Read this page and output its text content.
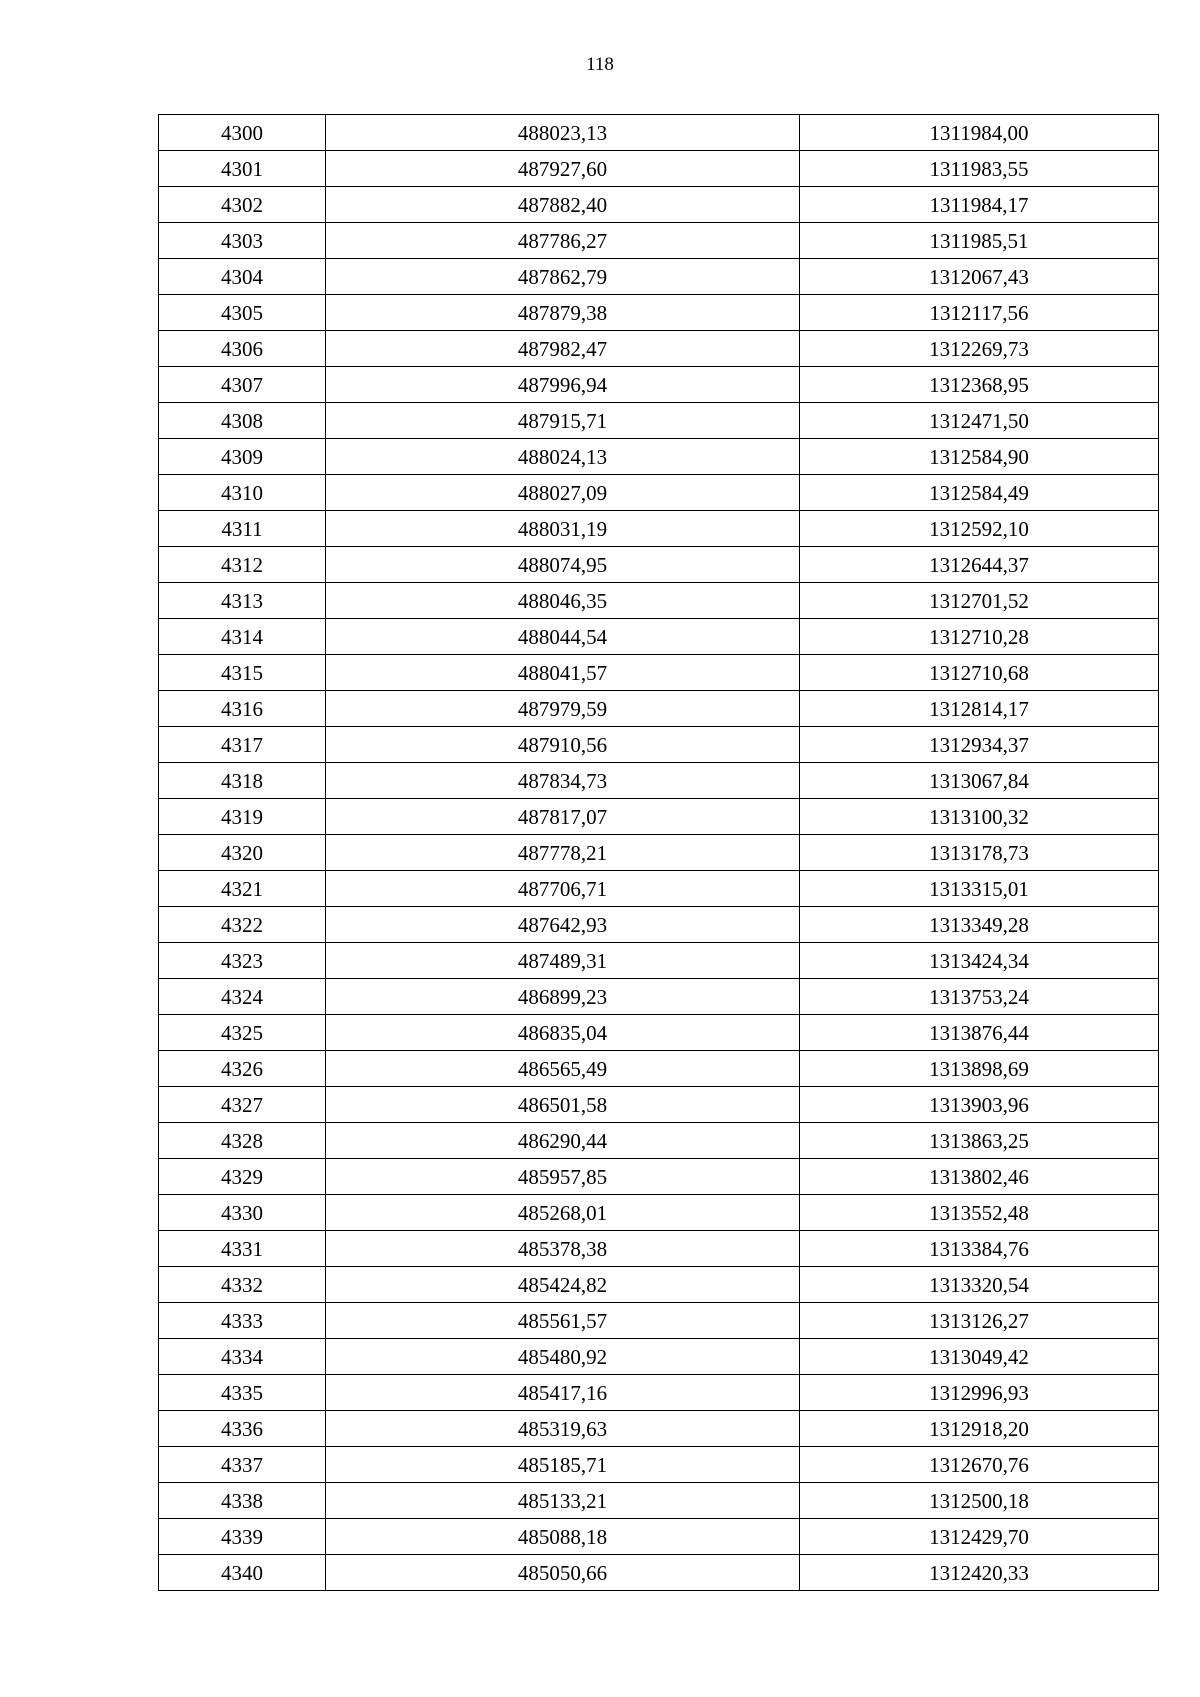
118
4300	488023,13	1311984,00
4301	487927,60	1311983,55
4302	487882,40	1311984,17
4303	487786,27	1311985,51
4304	487862,79	1312067,43
4305	487879,38	1312117,56
4306	487982,47	1312269,73
4307	487996,94	1312368,95
4308	487915,71	1312471,50
4309	488024,13	1312584,90
4310	488027,09	1312584,49
4311	488031,19	1312592,10
4312	488074,95	1312644,37
4313	488046,35	1312701,52
4314	488044,54	1312710,28
4315	488041,57	1312710,68
4316	487979,59	1312814,17
4317	487910,56	1312934,37
4318	487834,73	1313067,84
4319	487817,07	1313100,32
4320	487778,21	1313178,73
4321	487706,71	1313315,01
4322	487642,93	1313349,28
4323	487489,31	1313424,34
4324	486899,23	1313753,24
4325	486835,04	1313876,44
4326	486565,49	1313898,69
4327	486501,58	1313903,96
4328	486290,44	1313863,25
4329	485957,85	1313802,46
4330	485268,01	1313552,48
4331	485378,38	1313384,76
4332	485424,82	1313320,54
4333	485561,57	1313126,27
4334	485480,92	1313049,42
4335	485417,16	1312996,93
4336	485319,63	1312918,20
4337	485185,71	1312670,76
4338	485133,21	1312500,18
4339	485088,18	1312429,70
4340	485050,66	1312420,33
